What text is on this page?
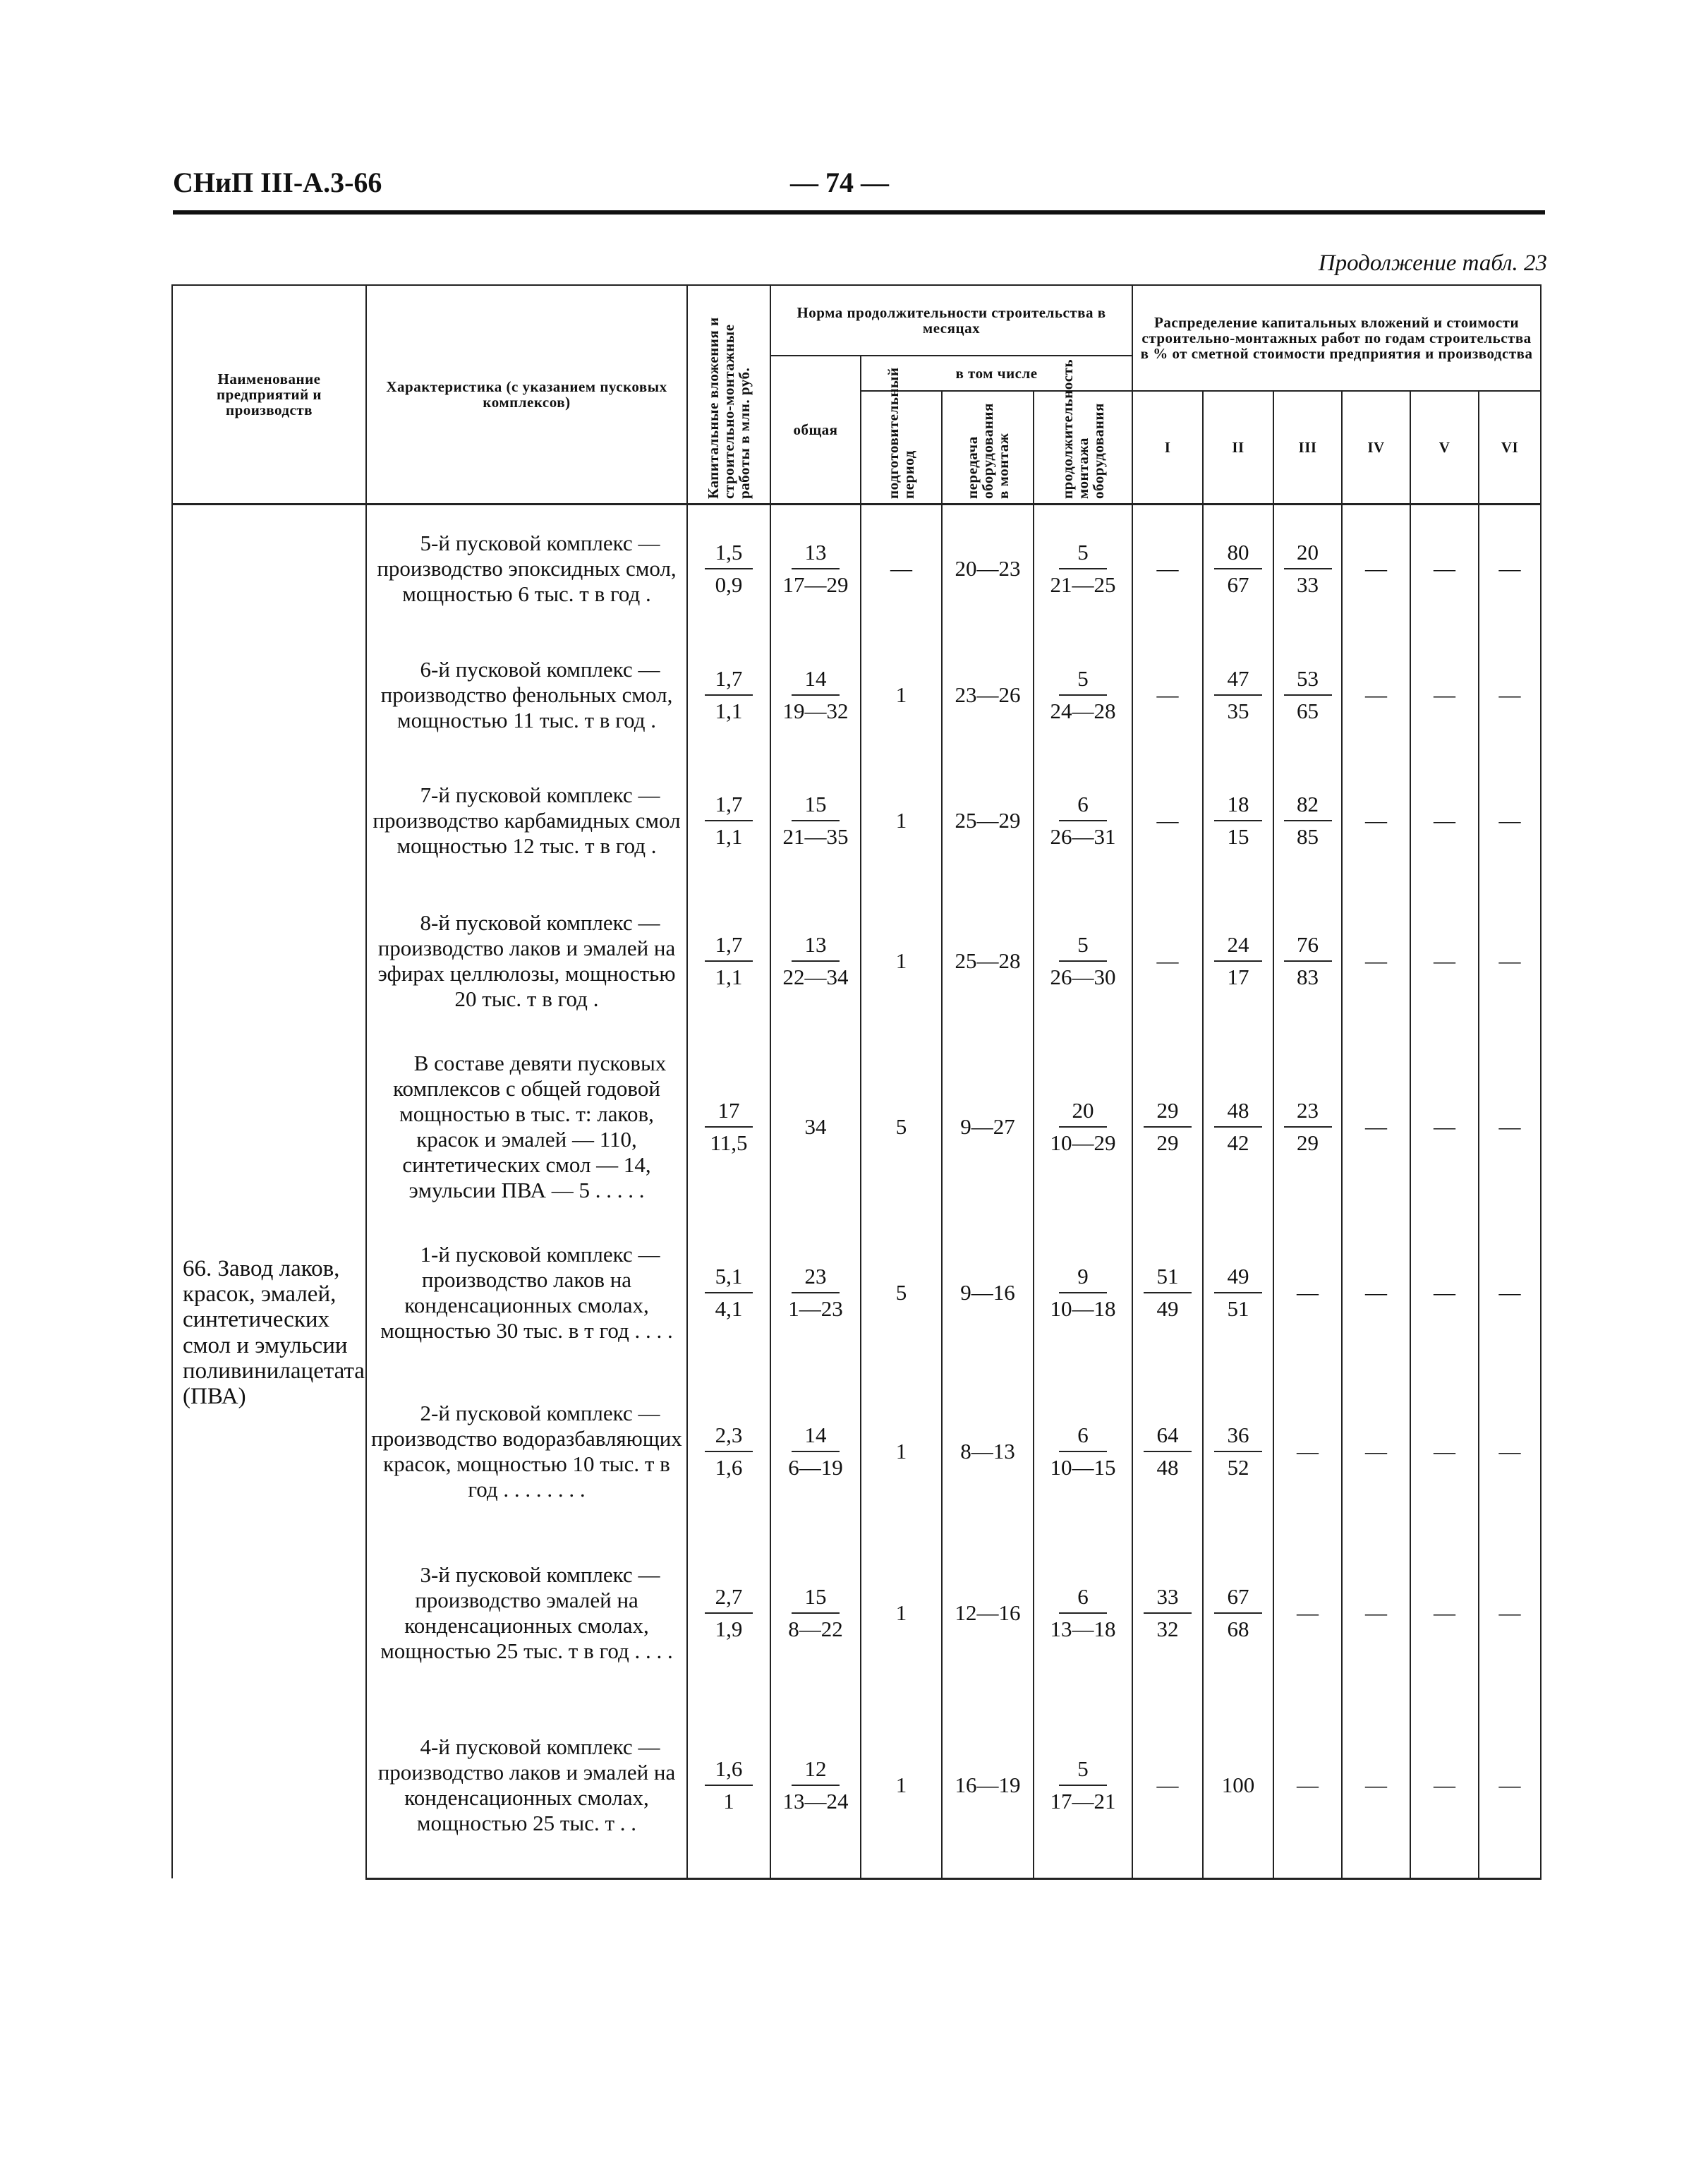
СНиП III-А.3-66	— 74 —
Продолжение табл. 23
Наименование предприятий и производств	Характеристика (с указанием пусковых комплексов)	Капитальные вложения и строительно-монтажные работы в млн. руб.	Норма продолжительности строительства в месяцах				Распределение капитальных вложений и стоимости строительно-монтажных работ по годам строительства в % от сметной стоимости предприятия и производства					
			общая	в том числе								
				подготовительный период	передача оборудования в монтаж	продолжительность монтажа оборудования	I	II	III	IV	V	VI
66. Завод лаков, красок, эмалей, синтетических смол и эмульсии поливинилацетата (ПВА)	5-й пусковой комплекс — производство эпоксидных смол, мощностью 6 тыс. т в год .	$\frac{1,5}{0,9}$	$\frac{13}{17—29}$	—	20—23	$\frac{5}{21—25}$	—	$\frac{80}{67}$	$\frac{20}{33}$	—	—	—

	6-й пусковой комплекс — производство фенольных смол, мощностью 11 тыс. т в год .	$\frac{1,7}{1,1}$	$\frac{14}{19—32}$	1	23—26	$\frac{5}{24—28}$	—	$\frac{47}{35}$	$\frac{53}{65}$	—	—	—

	7-й пусковой комплекс — производство карбамидных смол мощностью 12 тыс. т в год .	$\frac{1,7}{1,1}$	$\frac{15}{21—35}$	1	25—29	$\frac{6}{26—31}$	—	$\frac{18}{15}$	$\frac{82}{85}$	—	—	—

	8-й пусковой комплекс — производство лаков и эмалей на эфирах целлюлозы, мощностью 20 тыс. т в год .	$\frac{1,7}{1,1}$	$\frac{13}{22—34}$	1	25—28	$\frac{5}{26—30}$	—	$\frac{24}{17}$	$\frac{76}{83}$	—	—	—

	В составе девяти пусковых комплексов с общей годовой мощностью в тыс. т: лаков, красок и эмалей — 110, синтетических смол — 14, эмульсии ПВА — 5 . . . . .	$\frac{17}{11,5}$	34	5	9—27	$\frac{20}{10—29}$	$\frac{29}{29}$	$\frac{48}{42}$	$\frac{23}{29}$	—	—	—

	1-й пусковой комплекс — производство лаков на конденсационных смолах, мощностью 30 тыс. в т год . . . .	$\frac{5,1}{4,1}$	$\frac{23}{1—23}$	5	9—16	$\frac{9}{10—18}$	$\frac{51}{49}$	$\frac{49}{51}$	—	—	—	—

	2-й пусковой комплекс — производство водоразбавляющих красок, мощностью 10 тыс. т в год . . . . . . . .	$\frac{2,3}{1,6}$	$\frac{14}{6—19}$	1	8—13	$\frac{6}{10—15}$	$\frac{64}{48}$	$\frac{36}{52}$	—	—	—	—

	3-й пусковой комплекс — производство эмалей на конденсационных смолах, мощностью 25 тыс. т в год . . . .	$\frac{2,7}{1,9}$	$\frac{15}{8—22}$	1	12—16	$\frac{6}{13—18}$	$\frac{33}{32}$	$\frac{67}{68}$	—	—	—	—

	4-й пусковой комплекс — производство лаков и эмалей на конденсационных смолах, мощностью 25 тыс. т . .	$\frac{1,6}{1}$	$\frac{12}{13—24}$	1	16—19	$\frac{5}{17—21}$	—	100	—	—	—	—
